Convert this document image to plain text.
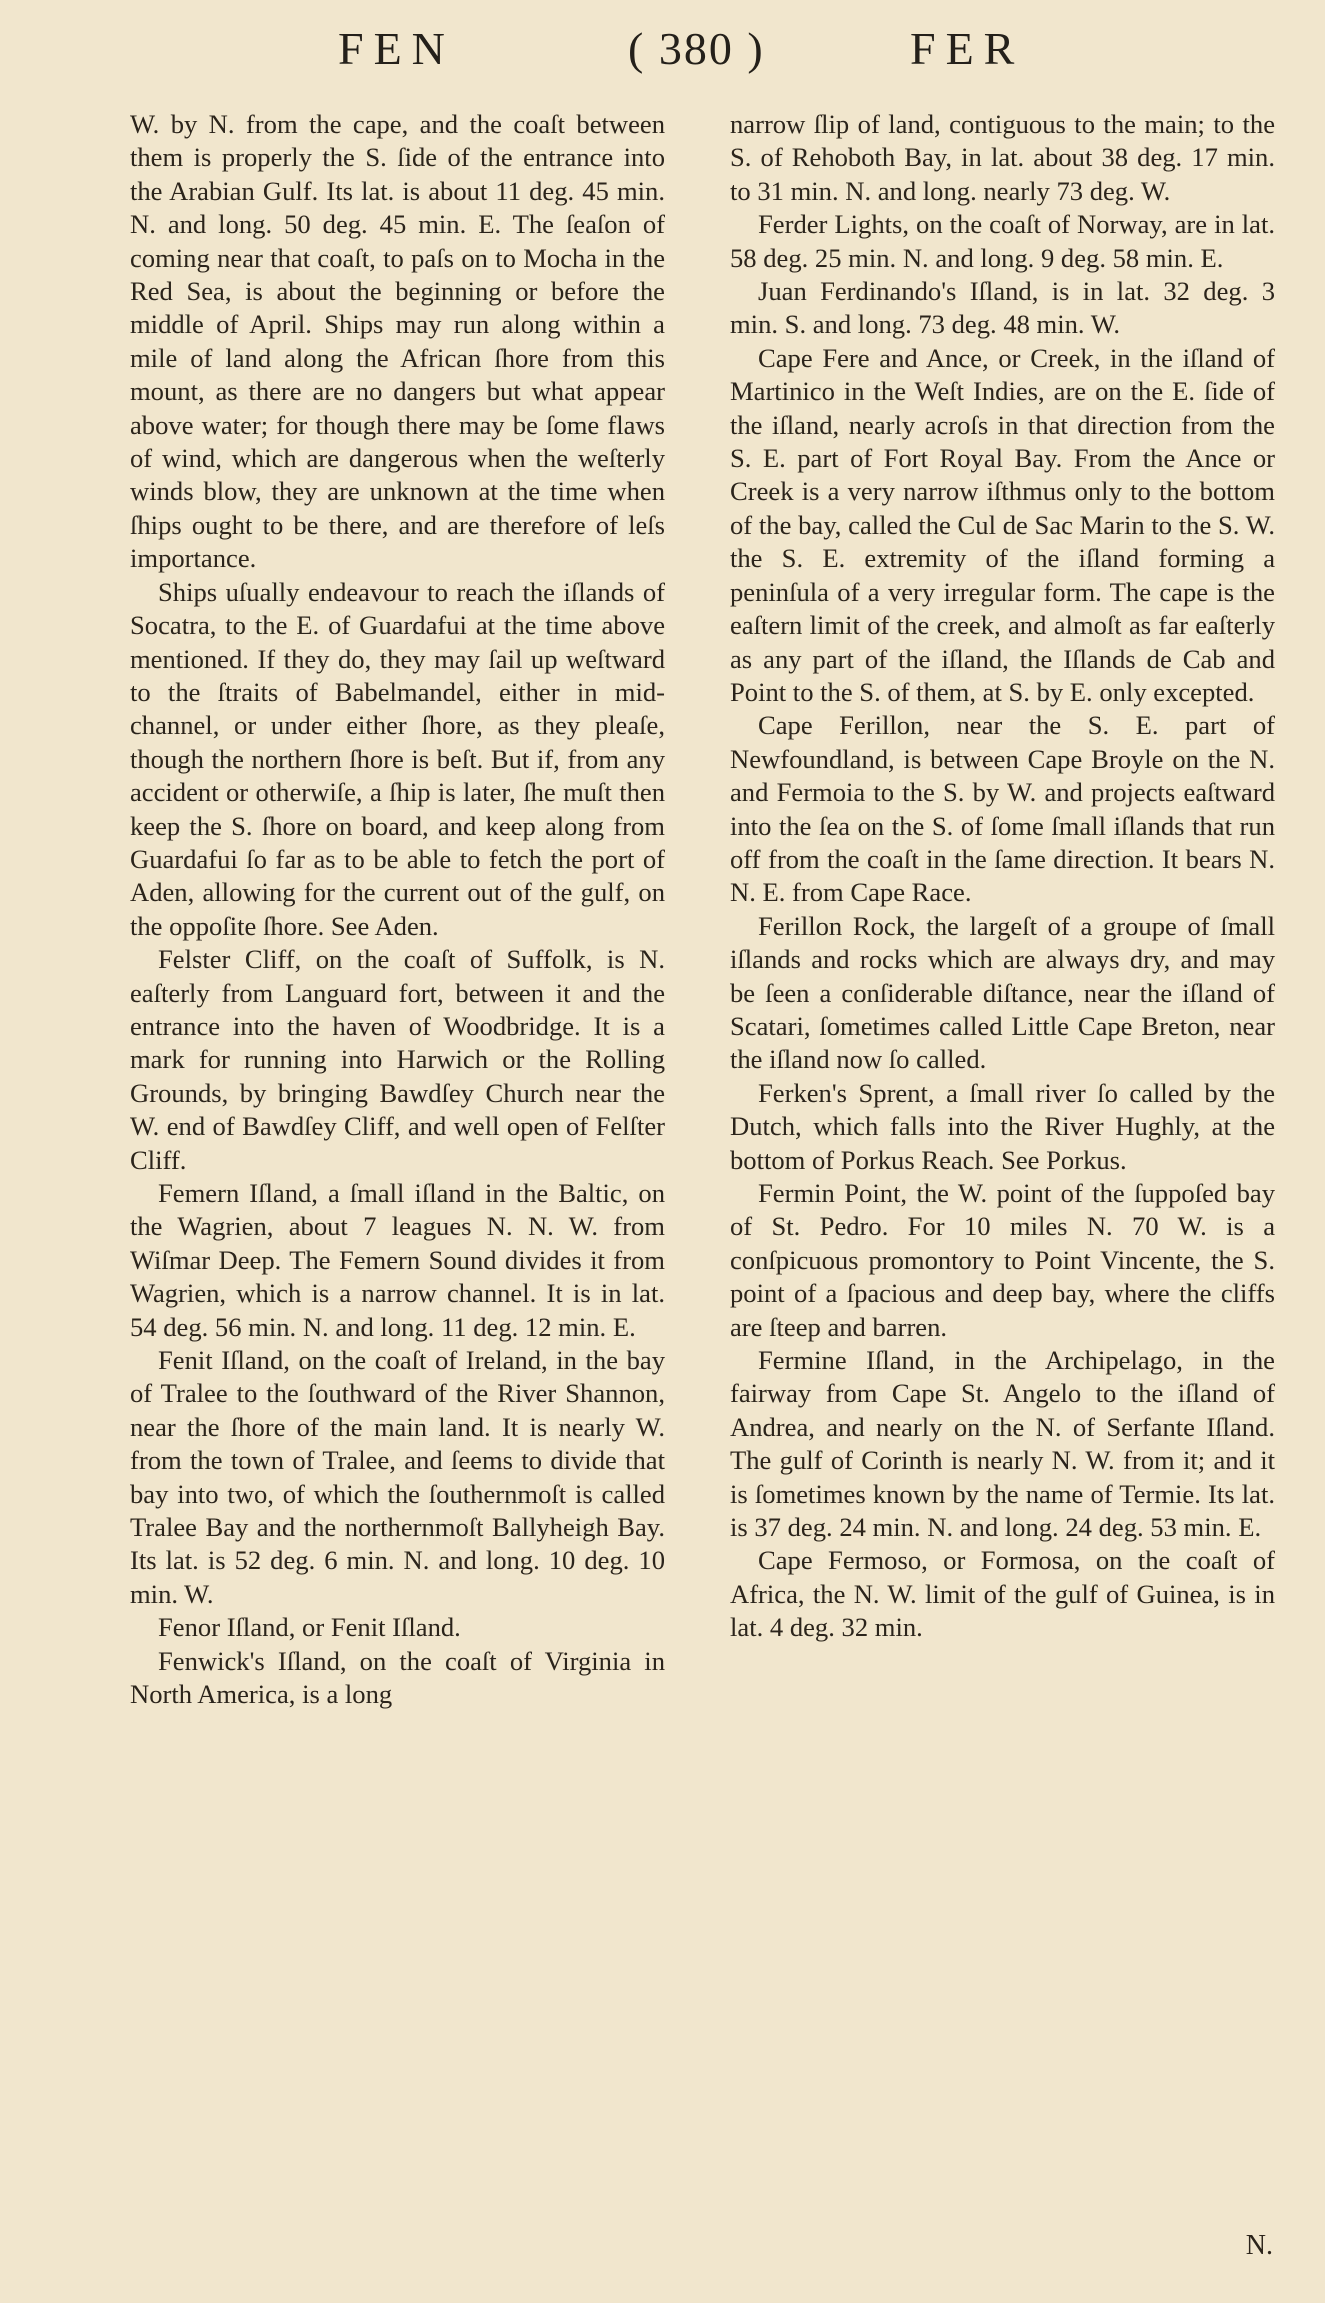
FEN	( 380 )	FER

W. by N. from the cape, and the coaſt between them is properly the S. ſide of the entrance into the Arabian Gulf. Its lat. is about 11 deg. 45 min. N. and long. 50 deg. 45 min. E. The ſeaſon of coming near that coaſt, to paſs on to Mocha in the Red Sea, is about the beginning or before the middle of April. Ships may run along within a mile of land along the African ſhore from this mount, as there are no dangers but what appear above water; for though there may be ſome flaws of wind, which are dangerous when the weſterly winds blow, they are unknown at the time when ſhips ought to be there, and are therefore of leſs importance.

Ships uſually endeavour to reach the iſlands of Socatra, to the E. of Guardafui at the time above mentioned. If they do, they may ſail up weſtward to the ſtraits of Babelmandel, either in mid-channel, or under either ſhore, as they pleaſe, though the northern ſhore is beſt. But if, from any accident or otherwiſe, a ſhip is later, ſhe muſt then keep the S. ſhore on board, and keep along from Guardafui ſo far as to be able to fetch the port of Aden, allowing for the current out of the gulf, on the oppoſite ſhore. See Aden.

Felster Cliff, on the coaſt of Suffolk, is N. eaſterly from Languard fort, between it and the entrance into the haven of Woodbridge. It is a mark for running into Harwich or the Rolling Grounds, by bringing Bawdſey Church near the W. end of Bawdſey Cliff, and well open of Felſter Cliff.

Femern Iſland, a ſmall iſland in the Baltic, on the Wagrien, about 7 leagues N. N. W. from Wiſmar Deep. The Femern Sound divides it from Wagrien, which is a narrow channel. It is in lat. 54 deg. 56 min. N. and long. 11 deg. 12 min. E.

Fenit Iſland, on the coaſt of Ireland, in the bay of Tralee to the ſouthward of the River Shannon, near the ſhore of the main land. It is nearly W. from the town of Tralee, and ſeems to divide that bay into two, of which the ſouthernmoſt is called Tralee Bay and the northernmoſt Ballyheigh Bay. Its lat. is 52 deg. 6 min. N. and long. 10 deg. 10 min. W.

Fenor Iſland, or Fenit Iſland.

Fenwick's Iſland, on the coaſt of Virginia in North America, is a long

narrow ſlip of land, contiguous to the main; to the S. of Rehoboth Bay, in lat. about 38 deg. 17 min. to 31 min. N. and long. nearly 73 deg. W.

Ferder Lights, on the coaſt of Norway, are in lat. 58 deg. 25 min. N. and long. 9 deg. 58 min. E.

Juan Ferdinando's Iſland, is in lat. 32 deg. 3 min. S. and long. 73 deg. 48 min. W.

Cape Fere and Ance, or Creek, in the iſland of Martinico in the Weſt Indies, are on the E. ſide of the iſland, nearly acroſs in that direction from the S. E. part of Fort Royal Bay. From the Ance or Creek is a very narrow iſthmus only to the bottom of the bay, called the Cul de Sac Marin to the S. W. the S. E. extremity of the iſland forming a peninſula of a very irregular form. The cape is the eaſtern limit of the creek, and almoſt as far eaſterly as any part of the iſland, the Iſlands de Cab and Point to the S. of them, at S. by E. only excepted.

Cape Ferillon, near the S. E. part of Newfoundland, is between Cape Broyle on the N. and Fermoia to the S. by W. and projects eaſtward into the ſea on the S. of ſome ſmall iſlands that run off from the coaſt in the ſame direction. It bears N. N. E. from Cape Race.

Ferillon Rock, the largeſt of a groupe of ſmall iſlands and rocks which are always dry, and may be ſeen a conſiderable diſtance, near the iſland of Scatari, ſometimes called Little Cape Breton, near the iſland now ſo called.

Ferken's Sprent, a ſmall river ſo called by the Dutch, which falls into the River Hughly, at the bottom of Porkus Reach. See Porkus.

Fermin Point, the W. point of the ſuppoſed bay of St. Pedro. For 10 miles N. 70 W. is a conſpicuous promontory to Point Vincente, the S. point of a ſpacious and deep bay, where the cliffs are ſteep and barren.

Fermine Iſland, in the Archipelago, in the fairway from Cape St. Angelo to the iſland of Andrea, and nearly on the N. of Serfante Iſland. The gulf of Corinth is nearly N. W. from it; and it is ſometimes known by the name of Termie. Its lat. is 37 deg. 24 min. N. and long. 24 deg. 53 min. E.

Cape Fermoso, or Formosa, on the coaſt of Africa, the N. W. limit of the gulf of Guinea, is in lat. 4 deg. 32 min.

N.
